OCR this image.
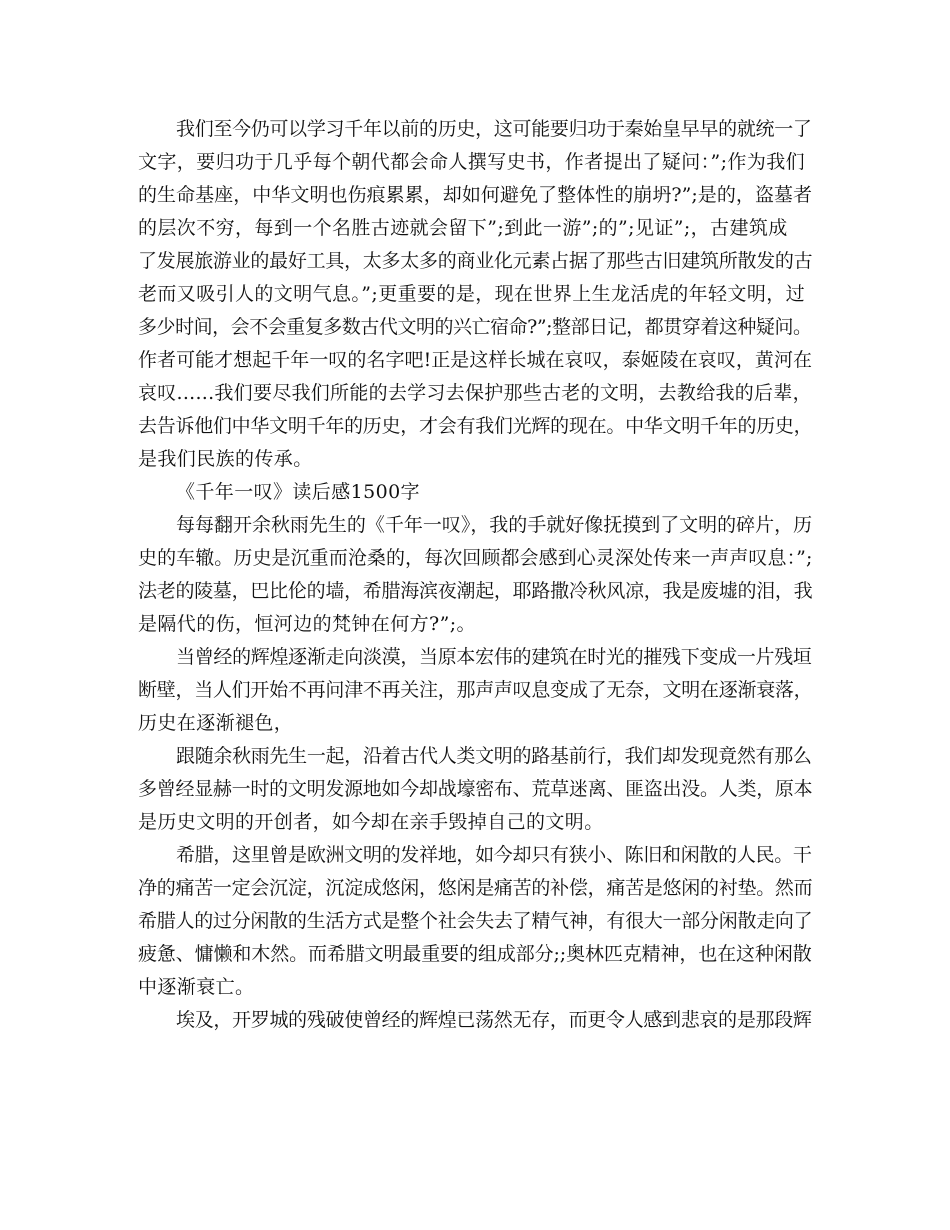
我们至今仍可以学习千年以前的历史，这可能要归功于秦始皇早早的就统一了
文字，要归功于几乎每个朝代都会命人撰写史书，作者提出了疑问：”;作为我们
的生命基座，中华文明也伤痕累累，却如何避免了整体性的崩坍?”;是的，盗墓者
的层次不穷，每到一个名胜古迹就会留下”;到此一游”;的”;见证”;，古建筑成
了发展旅游业的最好工具，太多太多的商业化元素占据了那些古旧建筑所散发的古
老而又吸引人的文明气息。”;更重要的是，现在世界上生龙活虎的年轻文明，过
多少时间，会不会重复多数古代文明的兴亡宿命?”;整部日记，都贯穿着这种疑问。
作者可能才想起千年一叹的名字吧!正是这样长城在哀叹，泰姬陵在哀叹，黄河在
哀叹......我们要尽我们所能的去学习去保护那些古老的文明，去教给我的后辈，
去告诉他们中华文明千年的历史，才会有我们光辉的现在。中华文明千年的历史，
是我们民族的传承。
《千年一叹》读后感1500字
每每翻开余秋雨先生的《千年一叹》，我的手就好像抚摸到了文明的碎片，历
史的车辙。历史是沉重而沧桑的，每次回顾都会感到心灵深处传来一声声叹息：”;
法老的陵墓，巴比伦的墙，希腊海滨夜潮起，耶路撒冷秋风凉，我是废墟的泪，我
是隔代的伤，恒河边的梵钟在何方?”;。
当曾经的辉煌逐渐走向淡漠，当原本宏伟的建筑在时光的摧残下变成一片残垣
断壁，当人们开始不再问津不再关注，那声声叹息变成了无奈，文明在逐渐衰落，
历史在逐渐褪色，
跟随余秋雨先生一起，沿着古代人类文明的路基前行，我们却发现竟然有那么
多曾经显赫一时的文明发源地如今却战壕密布、荒草迷离、匪盗出没。人类，原本
是历史文明的开创者，如今却在亲手毁掉自己的文明。
希腊，这里曾是欧洲文明的发祥地，如今却只有狭小、陈旧和闲散的人民。干
净的痛苦一定会沉淀，沉淀成悠闲，悠闲是痛苦的补偿，痛苦是悠闲的衬垫。然而
希腊人的过分闲散的生活方式是整个社会失去了精气神，有很大一部分闲散走向了
疲惫、慵懒和木然。而希腊文明最重要的组成部分;;奥林匹克精神，也在这种闲散
中逐渐衰亡。
埃及，开罗城的残破使曾经的辉煌已荡然无存，而更令人感到悲哀的是那段辉
